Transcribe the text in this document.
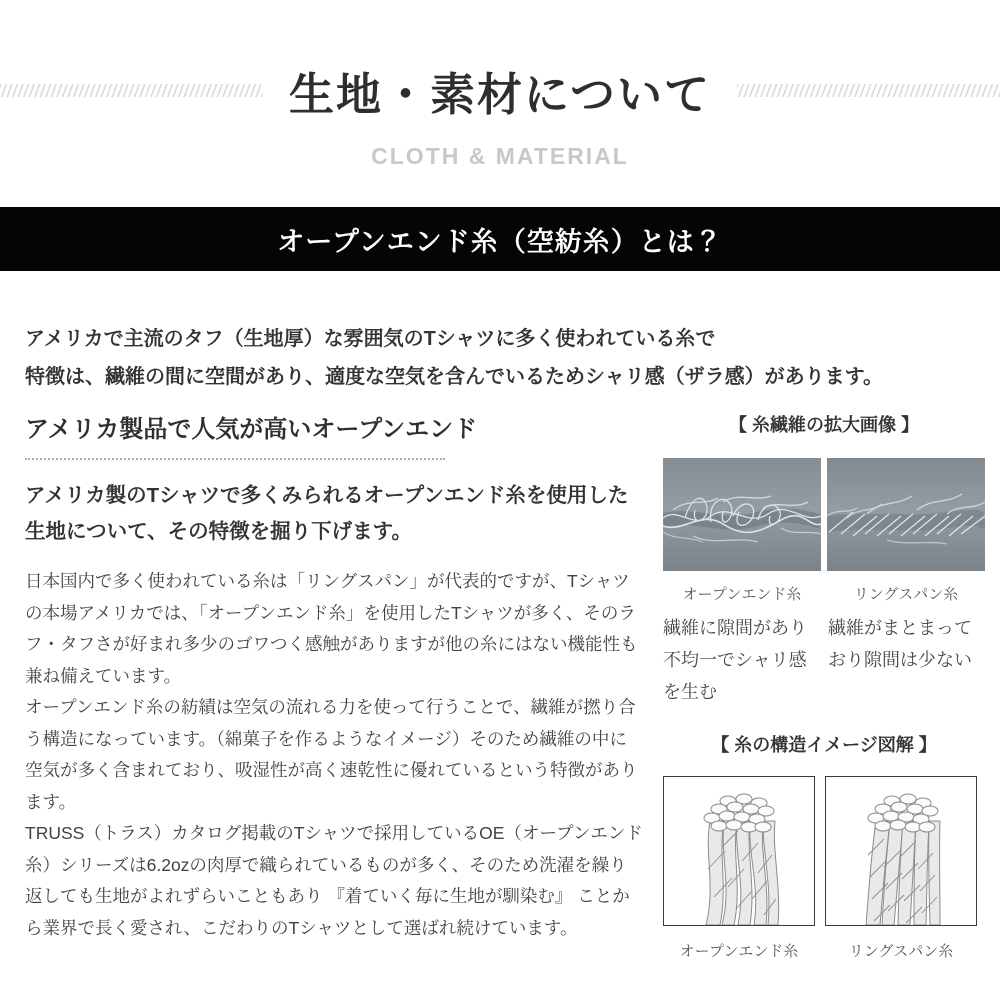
生地・素材について
CLOTH & MATERIAL
オープンエンド糸（空紡糸）とは？
アメリカで主流のタフ（生地厚）な雰囲気のTシャツに多く使われている糸で
特徴は、繊維の間に空間があり、適度な空気を含んでいるためシャリ感（ザラ感）があります。
アメリカ製品で人気が高いオープンエンド

アメリカ製のTシャツで多くみられるオープンエンド糸を使用した
生地について、その特徴を掘り下げます。

日本国内で多く使われている糸は「リングスパン」が代表的ですが、Tシャツの本場アメリカでは、「オープンエンド糸」を使用したTシャツが多く、そのラフ・タフさが好まれ多少のゴワつく感触がありますが他の糸にはない機能性も兼ね備えています。

オープンエンド糸の紡績は空気の流れる力を使って行うことで、繊維が撚り合う構造になっています。（綿菓子を作るようなイメージ）そのため繊維の中に空気が多く含まれており、吸湿性が高く速乾性に優れているという特徴があります。

TRUSS（トラス）カタログ掲載のTシャツで採用しているOE（オープンエンド糸）シリーズは6.2ozの肉厚で織られているものが多く、そのため洗濯を繰り返しても生地がよれずらいこともあり 『着ていく毎に生地が馴染む』 ことから業界で長く愛され、こだわりのTシャツとして選ばれ続けています。

【 糸繊維の拡大画像 】
オープンエンド糸	リングスパン糸
繊維に隙間があり不均一でシャリ感を生む
繊維がまとまっており隙間は少ない
【 糸の構造イメージ図解 】
オープンエンド糸	リングスパン糸
